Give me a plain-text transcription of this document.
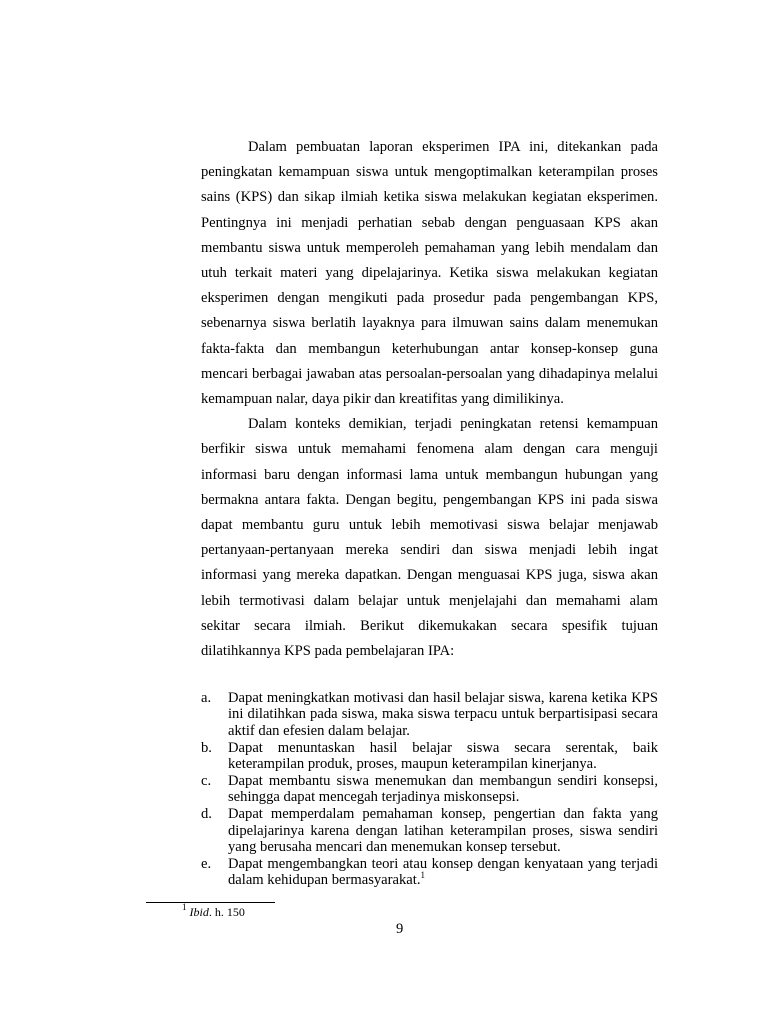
Dalam pembuatan laporan eksperimen IPA ini, ditekankan pada peningkatan kemampuan siswa untuk mengoptimalkan keterampilan proses sains (KPS) dan sikap ilmiah ketika siswa melakukan kegiatan eksperimen. Pentingnya ini menjadi perhatian sebab dengan penguasaan KPS akan membantu siswa untuk memperoleh pemahaman yang lebih mendalam dan utuh terkait materi yang dipelajarinya. Ketika siswa melakukan kegiatan eksperimen dengan mengikuti pada prosedur pada pengembangan KPS, sebenarnya siswa berlatih layaknya para ilmuwan sains dalam menemukan fakta-fakta dan membangun keterhubungan antar konsep-konsep guna mencari berbagai jawaban atas persoalan-persoalan yang dihadapinya melalui kemampuan nalar, daya pikir dan kreatifitas yang dimilikinya.

Dalam konteks demikian, terjadi peningkatan retensi kemampuan berfikir siswa untuk memahami fenomena alam dengan cara menguji informasi baru dengan informasi lama untuk membangun hubungan yang bermakna antara fakta. Dengan begitu, pengembangan KPS ini pada siswa dapat membantu guru untuk lebih memotivasi siswa belajar menjawab pertanyaan-pertanyaan mereka sendiri dan siswa menjadi lebih ingat informasi yang mereka dapatkan. Dengan menguasai KPS juga, siswa akan lebih termotivasi dalam belajar untuk menjelajahi dan memahami alam sekitar secara ilmiah. Berikut dikemukakan secara spesifik tujuan dilatihkannya KPS pada pembelajaran IPA:

a. Dapat meningkatkan motivasi dan hasil belajar siswa, karena ketika KPS ini dilatihkan pada siswa, maka siswa terpacu untuk berpartisipasi secara aktif dan efesien dalam belajar.
b. Dapat menuntaskan hasil belajar siswa secara serentak, baik keterampilan produk, proses, maupun keterampilan kinerjanya.
c. Dapat membantu siswa menemukan dan membangun sendiri konsepsi, sehingga dapat mencegah terjadinya miskonsepsi.
d. Dapat memperdalam pemahaman konsep, pengertian dan fakta yang dipelajarinya karena dengan latihan keterampilan proses, siswa sendiri yang berusaha mencari dan menemukan konsep tersebut.
e. Dapat mengembangkan teori atau konsep dengan kenyataan yang terjadi dalam kehidupan bermasyarakat.$^1$
$^1$ Ibid. h. 150
9
